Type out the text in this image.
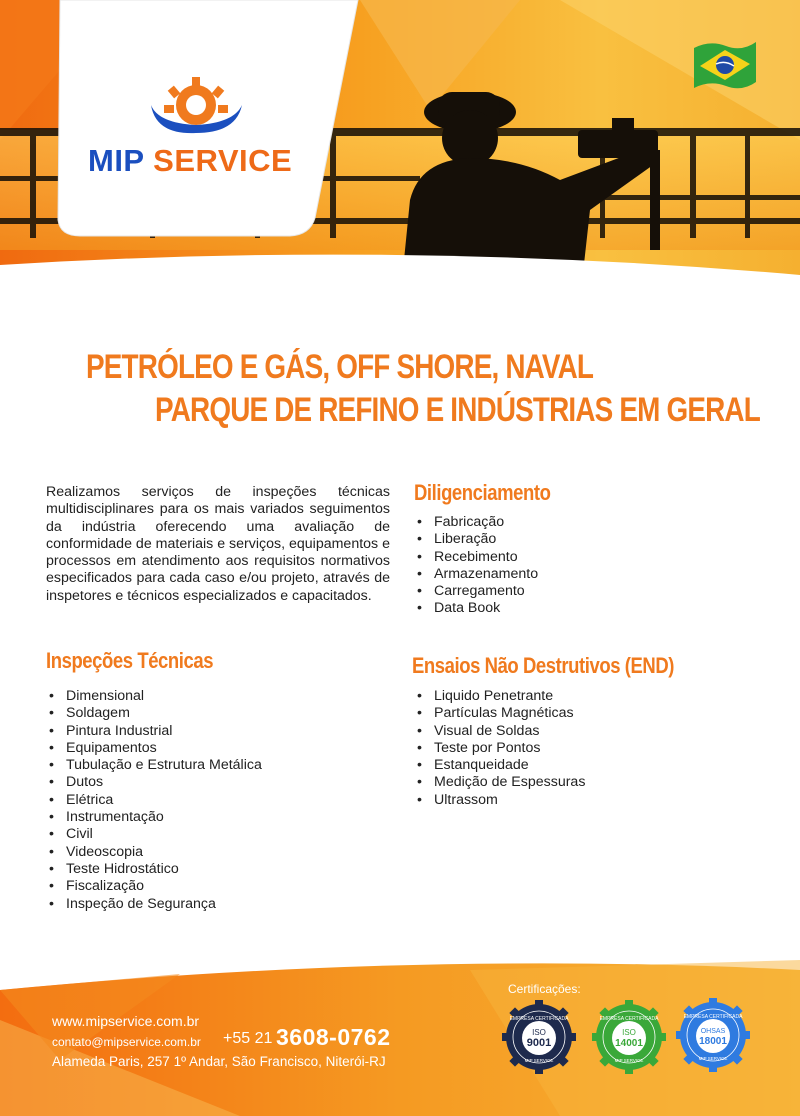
MIP SERVICE
PETRÓLEO E GÁS, OFF SHORE, NAVAL
PARQUE DE REFINO E INDÚSTRIAS EM GERAL
Realizamos serviços de inspeções técnicas multidisciplinares para os mais variados seguimentos da indústria oferecendo uma avaliação de conformidade de materiais e serviços, equipamentos e processos em atendimento aos requisitos normativos especificados para cada caso e/ou projeto, através de inspetores e técnicos especializados e capacitados.
Diligenciamento
• Fabricação
• Liberação
• Recebimento
• Armazenamento
• Carregamento
• Data Book
Inspeções Técnicas
• Dimensional
• Soldagem
• Pintura Industrial
• Equipamentos
• Tubulação e Estrutura Metálica
• Dutos
• Elétrica
• Instrumentação
• Civil
• Videoscopia
• Teste Hidrostático
• Fiscalização
• Inspeção de Segurança
Ensaios Não Destrutivos (END)
• Liquido Penetrante
• Partículas Magnéticas
• Visual de Soldas
• Teste por Pontos
• Estanqueidade
• Medição de Espessuras
• Ultrassom
www.mipservice.com.br
contato@mipservice.com.br +55 21 3608-0762
Alameda Paris, 257 1º Andar, São Francisco, Niterói-RJ
Certificações:
EMPRESA CERTIFICADA
ISO
9001
MIP SERVICE
EMPRESA CERTIFICADA
ISO
14001
MIP SERVICE
EMPRESA CERTIFICADA
OHSAS
18001
MIP SERVICE
